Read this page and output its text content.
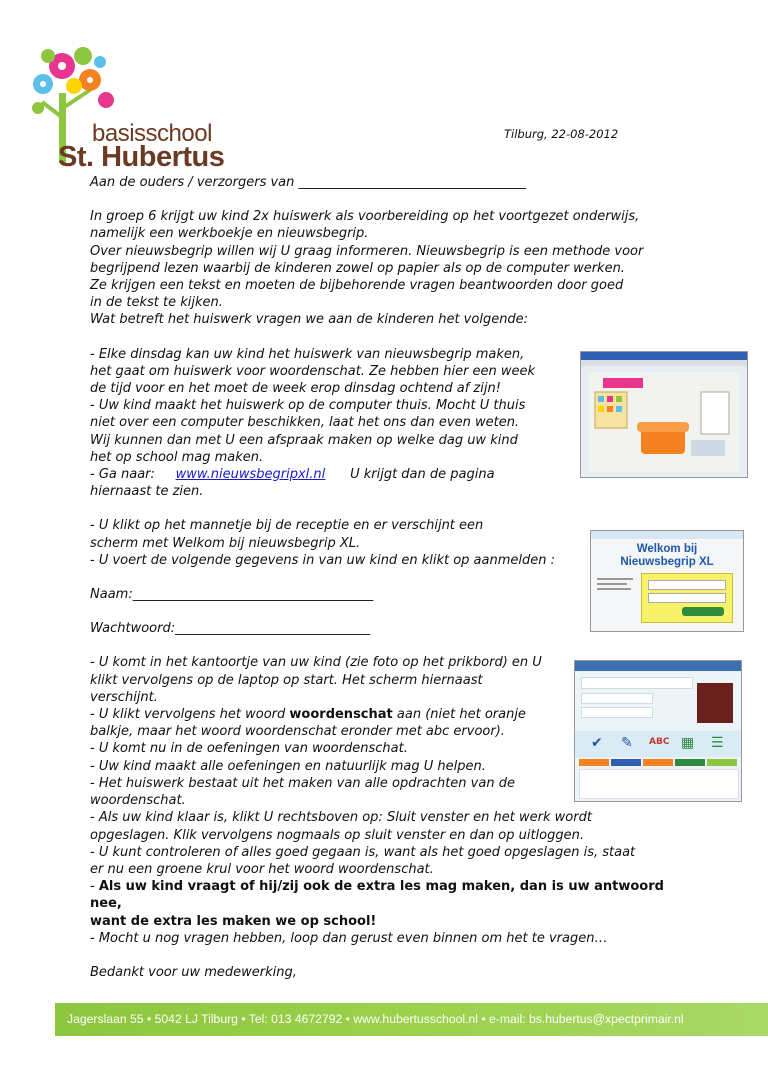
basisschool
St. Hubertus
Tilburg, 22-08-2012

Aan de ouders / verzorgers van ___________________________________

In groep 6 krijgt uw kind 2x huiswerk als voorbereiding op het voortgezet onderwijs,

namelijk een werkboekje en nieuwsbegrip.

Over nieuwsbegrip willen wij U graag informeren. Nieuwsbegrip is een methode voor

begrijpend lezen waarbij de kinderen zowel op papier als op de computer werken.

Ze krijgen een tekst en moeten de bijbehorende vragen beantwoorden door goed

in de tekst te kijken.

Wat betreft het huiswerk vragen we aan de kinderen het volgende:

- Elke dinsdag kan uw kind het huiswerk van nieuwsbegrip maken,

het gaat om huiswerk voor woordenschat. Ze hebben hier een week

de tijd voor en het moet de week erop dinsdag ochtend af zijn!

- Uw kind maakt het huiswerk op de computer thuis. Mocht U thuis

niet over een computer beschikken, laat het ons dan even weten.

Wij kunnen dan met U een afspraak maken op welke dag uw kind

het op school mag maken.

- Ga naar: www.nieuwsbegripxl.nl U krijgt dan de pagina

hiernaast te zien.

- U klikt op het mannetje bij de receptie en er verschijnt een

scherm met Welkom bij nieuwsbegrip XL.

- U voert de volgende gegevens in van uw kind en klikt op aanmelden :

Naam:_____________________________________

Wachtwoord:______________________________

- U komt in het kantoortje van uw kind (zie foto op het prikbord) en U

klikt vervolgens op de laptop op start. Het scherm hiernaast

verschijnt.

- U klikt vervolgens het woord woordenschat aan (niet het oranje

balkje, maar het woord woordenschat eronder met abc ervoor).

- U komt nu in de oefeningen van woordenschat.

- Uw kind maakt alle oefeningen en natuurlijk mag U helpen.

- Het huiswerk bestaat uit het maken van alle opdrachten van de

woordenschat.

- Als uw kind klaar is, klikt U rechtsboven op: Sluit venster en het werk wordt

opgeslagen. Klik vervolgens nogmaals op sluit venster en dan op uitloggen.

- U kunt controleren of alles goed gegaan is, want als het goed opgeslagen is, staat

er nu een groene krul voor het woord woordenschat.

- Als uw kind vraagt of hij/zij ook de extra les mag maken, dan is uw antwoord nee,

want de extra les maken we op school!

- Mocht u nog vragen hebben, loop dan gerust even binnen om het te vragen…

Bedankt voor uw medewerking,

Welkom bij
Nieuwsbegrip XL
✔ ✎ ABC ▦ ☰
Jagerslaan 55 • 5042 LJ Tilburg • Tel: 013 4672792 • www.hubertusschool.nl • e-mail: bs.hubertus@xpectprimair.nl
